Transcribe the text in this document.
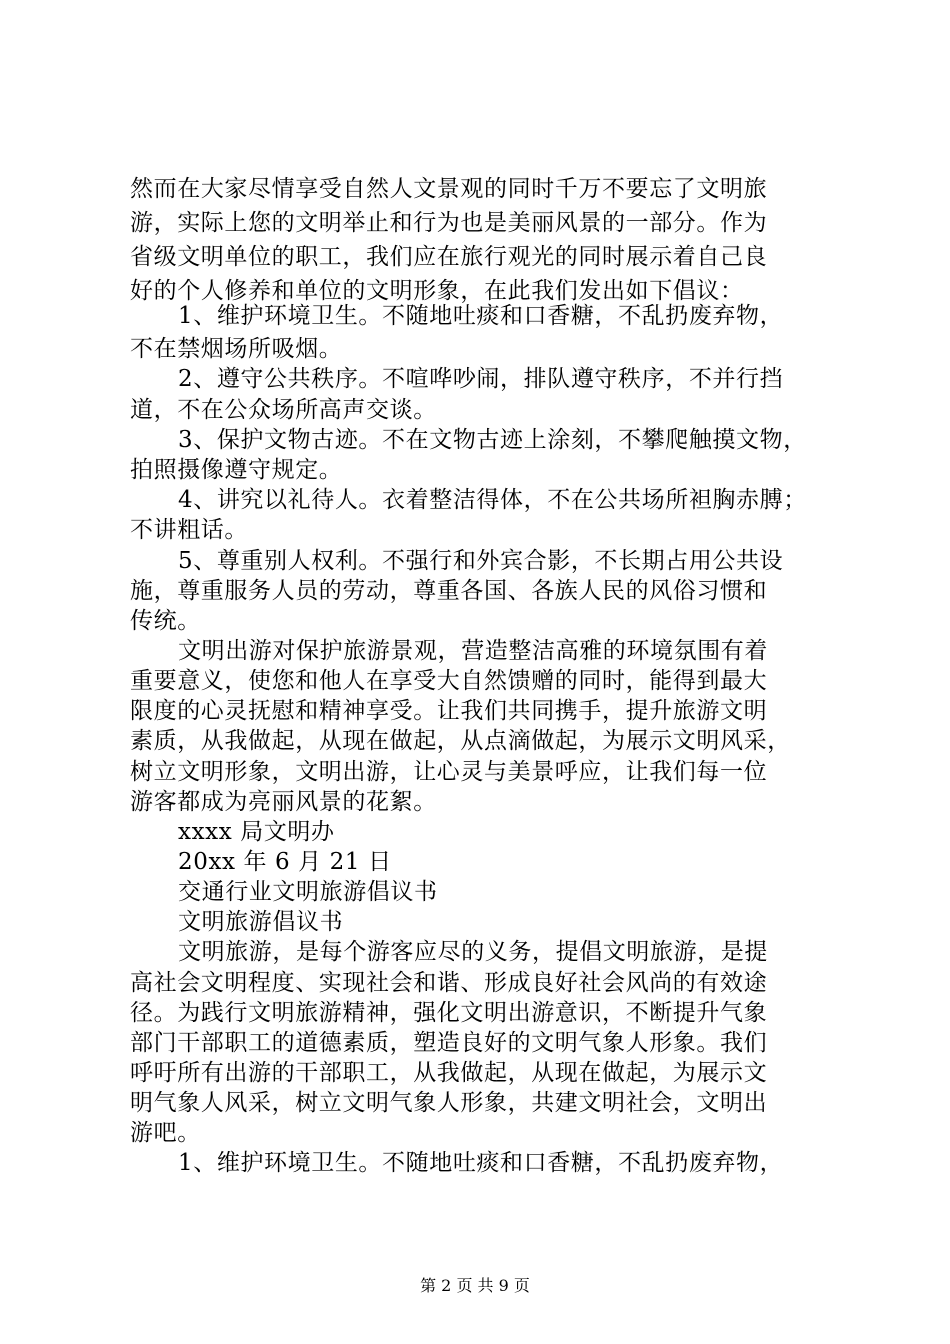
然而在大家尽情享受自然人文景观的同时千万不要忘了文明旅
游，实际上您的文明举止和行为也是美丽风景的一部分。作为
省级文明单位的职工，我们应在旅行观光的同时展示着自己良
好的个人修养和单位的文明形象，在此我们发出如下倡议：
1、维护环境卫生。不随地吐痰和口香糖，不乱扔废弃物，
不在禁烟场所吸烟。
2、遵守公共秩序。不喧哗吵闹，排队遵守秩序，不并行挡
道，不在公众场所高声交谈。
3、保护文物古迹。不在文物古迹上涂刻，不攀爬触摸文物，
拍照摄像遵守规定。
4、讲究以礼待人。衣着整洁得体，不在公共场所袒胸赤膊；
不讲粗话。
5、尊重别人权利。不强行和外宾合影，不长期占用公共设
施，尊重服务人员的劳动，尊重各国、各族人民的风俗习惯和
传统。
文明出游对保护旅游景观，营造整洁高雅的环境氛围有着
重要意义，使您和他人在享受大自然馈赠的同时，能得到最大
限度的心灵抚慰和精神享受。让我们共同携手，提升旅游文明
素质，从我做起，从现在做起，从点滴做起，为展示文明风采，
树立文明形象，文明出游，让心灵与美景呼应，让我们每一位
游客都成为亮丽风景的花絮。
xxxx 局文明办
20xx 年 6 月 21 日
交通行业文明旅游倡议书
文明旅游倡议书
文明旅游，是每个游客应尽的义务，提倡文明旅游，是提
高社会文明程度、实现社会和谐、形成良好社会风尚的有效途
径。为践行文明旅游精神，强化文明出游意识，不断提升气象
部门干部职工的道德素质，塑造良好的文明气象人形象。我们
呼吁所有出游的干部职工，从我做起，从现在做起，为展示文
明气象人风采，树立文明气象人形象，共建文明社会，文明出
游吧。
1、维护环境卫生。不随地吐痰和口香糖，不乱扔废弃物，
第 2 页 共 9 页
